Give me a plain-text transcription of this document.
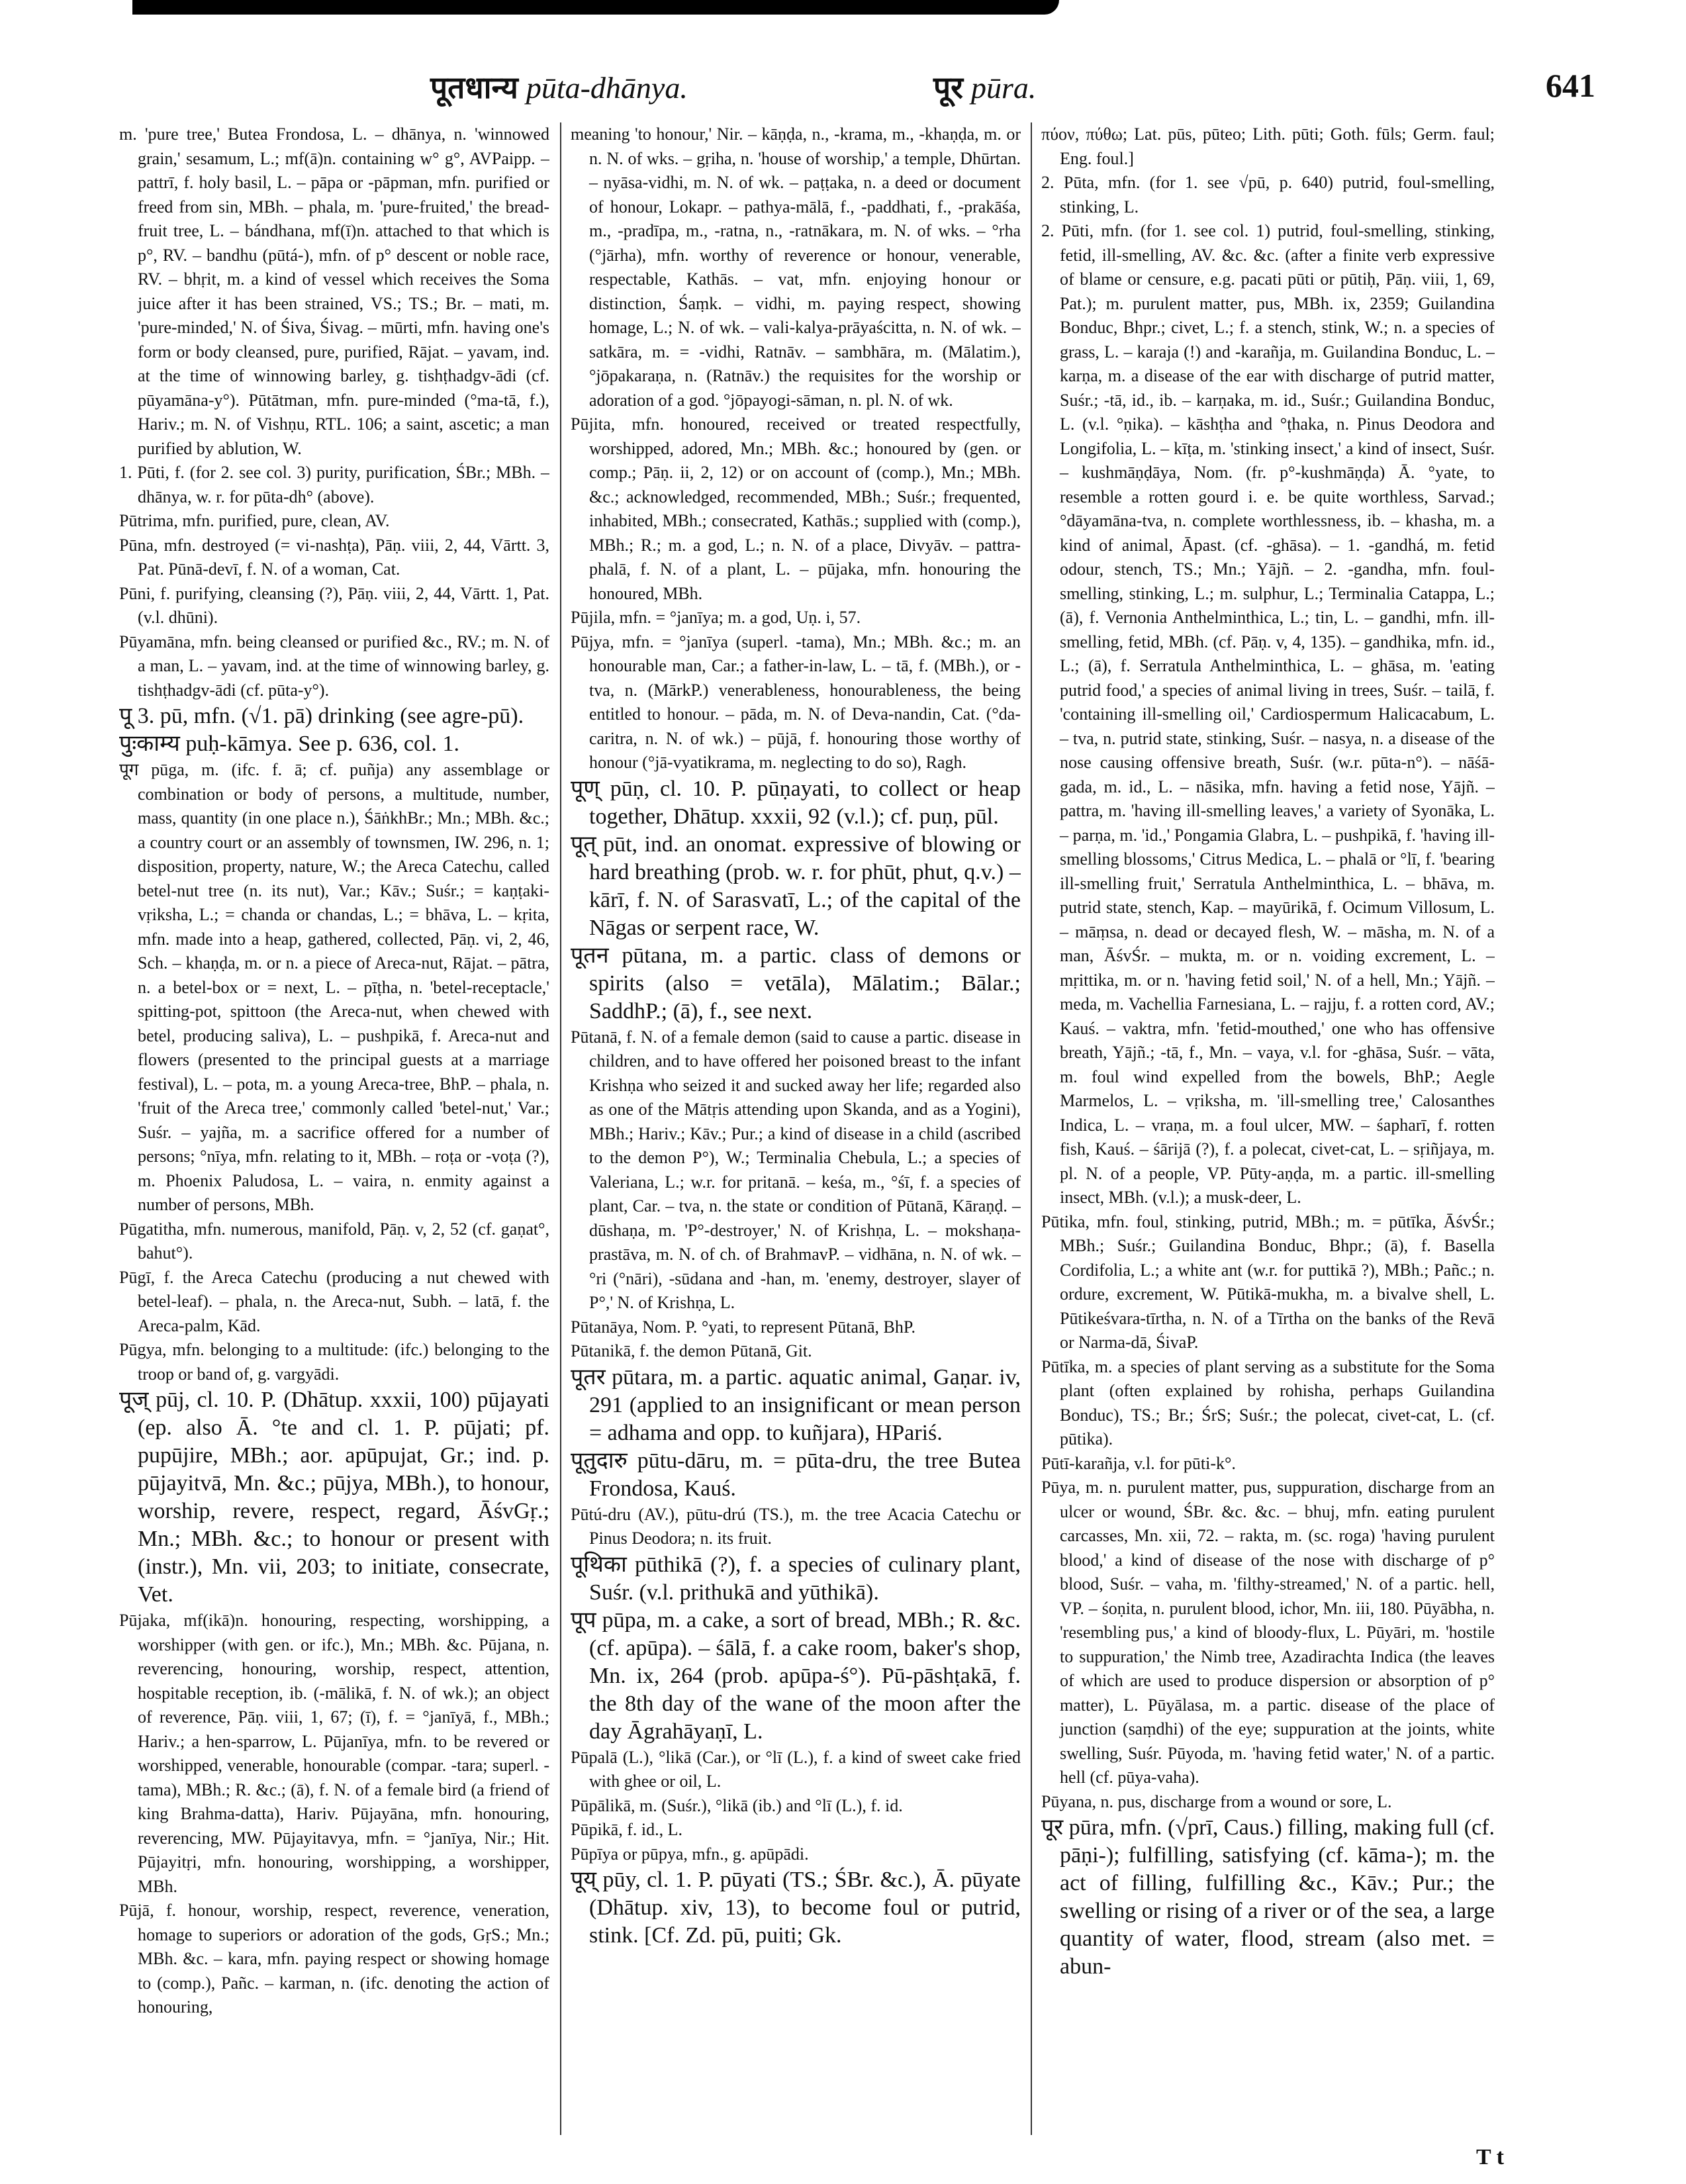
पूतधान्य pūta-dhānya.	पूर pūra.	641

m. 'pure tree,' Butea Frondosa, L. – dhānya, n. 'winnowed grain,' sesamum, L.; mf(ā)n. containing w° g°, AVPaipp. – pattrī, f. holy basil, L. – pāpa or -pāpman, mfn. purified or freed from sin, MBh. – phala, m. 'pure-fruited,' the bread-fruit tree, L. – bándhana, mf(ī)n. attached to that which is p°, RV. – bandhu (pūtá-), mfn. of p° descent or noble race, RV. – bhṛit, m. a kind of vessel which receives the Soma juice after it has been strained, VS.; TS.; Br. – mati, m. 'pure-minded,' N. of Śiva, Śivag. – mūrti, mfn. having one's form or body cleansed, pure, purified, Rājat. – yavam, ind. at the time of winnowing barley, g. tishṭhadgv-ādi (cf. pūyamāna-y°). Pūtātman, mfn. pure-minded (°ma-tā, f.), Hariv.; m. N. of Vishṇu, RTL. 106; a saint, ascetic; a man purified by ablution, W.

1. Pūti, f. (for 2. see col. 3) purity, purification, ŚBr.; MBh. – dhānya, w. r. for pūta-dh° (above).

Pūtrima, mfn. purified, pure, clean, AV.

Pūna, mfn. destroyed (= vi-nashṭa), Pāṇ. viii, 2, 44, Vārtt. 3, Pat. Pūnā-devī, f. N. of a woman, Cat.

Pūni, f. purifying, cleansing (?), Pāṇ. viii, 2, 44, Vārtt. 1, Pat. (v.l. dhūni).

Pūyamāna, mfn. being cleansed or purified &c., RV.; m. N. of a man, L. – yavam, ind. at the time of winnowing barley, g. tishṭhadgv-ādi (cf. pūta-y°).

पू 3. pū, mfn. (√1. pā) drinking (see agre-pū).

पुःकाम्य puḥ-kāmya. See p. 636, col. 1.

पूग pūga, m. (ifc. f. ā; cf. puñja) any assemblage or combination or body of persons, a multitude, number, mass, quantity (in one place n.), ŚāṅkhBr.; Mn.; MBh. &c.; a country court or an assembly of townsmen, IW. 296, n. 1; disposition, property, nature, W.; the Areca Catechu, called betel-nut tree (n. its nut), Var.; Kāv.; Suśr.; = kaṇṭaki-vṛiksha, L.; = chanda or chandas, L.; = bhāva, L. – kṛita, mfn. made into a heap, gathered, collected, Pāṇ. vi, 2, 46, Sch. – khaṇḍa, m. or n. a piece of Areca-nut, Rājat. – pātra, n. a betel-box or = next, L. – pīṭha, n. 'betel-receptacle,' spitting-pot, spittoon (the Areca-nut, when chewed with betel, producing saliva), L. – pushpikā, f. Areca-nut and flowers (presented to the principal guests at a marriage festival), L. – pota, m. a young Areca-tree, BhP. – phala, n. 'fruit of the Areca tree,' commonly called 'betel-nut,' Var.; Suśr. – yajña, m. a sacrifice offered for a number of persons; °nīya, mfn. relating to it, MBh. – roṭa or -voṭa (?), m. Phoenix Paludosa, L. – vaira, n. enmity against a number of persons, MBh.

Pūgatitha, mfn. numerous, manifold, Pāṇ. v, 2, 52 (cf. gaṇat°, bahut°).

Pūgī, f. the Areca Catechu (producing a nut chewed with betel-leaf). – phala, n. the Areca-nut, Subh. – latā, f. the Areca-palm, Kād.

Pūgya, mfn. belonging to a multitude: (ifc.) belonging to the troop or band of, g. vargyādi.

पूज् pūj, cl. 10. P. (Dhātup. xxxii, 100) pūjayati (ep. also Ā. °te and cl. 1. P. pūjati; pf. pupūjire, MBh.; aor. apūpujat, Gr.; ind. p. pūjayitvā, Mn. &c.; pūjya, MBh.), to honour, worship, revere, respect, regard, ĀśvGṛ.; Mn.; MBh. &c.; to honour or present with (instr.), Mn. vii, 203; to initiate, consecrate, Vet.

Pūjaka, mf(ikā)n. honouring, respecting, worshipping, a worshipper (with gen. or ifc.), Mn.; MBh. &c. Pūjana, n. reverencing, honouring, worship, respect, attention, hospitable reception, ib. (-mālikā, f. N. of wk.); an object of reverence, Pāṇ. viii, 1, 67; (ī), f. = °janīyā, f., MBh.; Hariv.; a hen-sparrow, L. Pūjanīya, mfn. to be revered or worshipped, venerable, honourable (compar. -tara; superl. -tama), MBh.; R. &c.; (ā), f. N. of a female bird (a friend of king Brahma-datta), Hariv. Pūjayāna, mfn. honouring, reverencing, MW. Pūjayitavya, mfn. = °janīya, Nir.; Hit. Pūjayitṛi, mfn. honouring, worshipping, a worshipper, MBh.

Pūjā, f. honour, worship, respect, reverence, veneration, homage to superiors or adoration of the gods, GṛS.; Mn.; MBh. &c. – kara, mfn. paying respect or showing homage to (comp.), Pañc. – karman, n. (ifc. denoting the action of honouring,

meaning 'to honour,' Nir. – kāṇḍa, n., -krama, m., -khaṇḍa, m. or n. N. of wks. – gṛiha, n. 'house of worship,' a temple, Dhūrtan. – nyāsa-vidhi, m. N. of wk. – paṭṭaka, n. a deed or document of honour, Lokapr. – pathya-mālā, f., -paddhati, f., -prakāśa, m., -pradīpa, m., -ratna, n., -ratnākara, m. N. of wks. – °rha (°jārha), mfn. worthy of reverence or honour, venerable, respectable, Kathās. – vat, mfn. enjoying honour or distinction, Śaṃk. – vidhi, m. paying respect, showing homage, L.; N. of wk. – vali-kalya-prāyaścitta, n. N. of wk. – satkāra, m. = -vidhi, Ratnāv. – sambhāra, m. (Mālatim.), °jōpakaraṇa, n. (Ratnāv.) the requisites for the worship or adoration of a god. °jōpayogi-sāman, n. pl. N. of wk.

Pūjita, mfn. honoured, received or treated respectfully, worshipped, adored, Mn.; MBh. &c.; honoured by (gen. or comp.; Pāṇ. ii, 2, 12) or on account of (comp.), Mn.; MBh. &c.; acknowledged, recommended, MBh.; Suśr.; frequented, inhabited, MBh.; consecrated, Kathās.; supplied with (comp.), MBh.; R.; m. a god, L.; n. N. of a place, Divyāv. – pattra-phalā, f. N. of a plant, L. – pūjaka, mfn. honouring the honoured, MBh.

Pūjila, mfn. = °janīya; m. a god, Uṇ. i, 57.

Pūjya, mfn. = °janīya (superl. -tama), Mn.; MBh. &c.; m. an honourable man, Car.; a father-in-law, L. – tā, f. (MBh.), or -tva, n. (MārkP.) venerableness, honourableness, the being entitled to honour. – pāda, m. N. of Deva-nandin, Cat. (°da-caritra, n. N. of wk.) – pūjā, f. honouring those worthy of honour (°jā-vyatikrama, m. neglecting to do so), Ragh.

पूण् pūṇ, cl. 10. P. pūṇayati, to collect or heap together, Dhātup. xxxii, 92 (v.l.); cf. puṇ, pūl.

पूत् pūt, ind. an onomat. expressive of blowing or hard breathing (prob. w. r. for phūt, phut, q.v.) – kārī, f. N. of Sarasvatī, L.; of the capital of the Nāgas or serpent race, W.

पूतन pūtana, m. a partic. class of demons or spirits (also = vetāla), Mālatim.; Bālar.; SaddhP.; (ā), f., see next.

Pūtanā, f. N. of a female demon (said to cause a partic. disease in children, and to have offered her poisoned breast to the infant Krishṇa who seized it and sucked away her life; regarded also as one of the Mātṛis attending upon Skanda, and as a Yogini), MBh.; Hariv.; Kāv.; Pur.; a kind of disease in a child (ascribed to the demon P°), W.; Terminalia Chebula, L.; a species of Valeriana, L.; w.r. for pritanā. – keśa, m., °śī, f. a species of plant, Car. – tva, n. the state or condition of Pūtanā, Kāraṇḍ. – dūshaṇa, m. 'P°-destroyer,' N. of Krishṇa, L. – mokshaṇa-prastāva, m. N. of ch. of BrahmavP. – vidhāna, n. N. of wk. – °ri (°nāri), -sūdana and -han, m. 'enemy, destroyer, slayer of P°,' N. of Krishṇa, L.

Pūtanāya, Nom. P. °yati, to represent Pūtanā, BhP.

Pūtanikā, f. the demon Pūtanā, Git.

पूतर pūtara, m. a partic. aquatic animal, Gaṇar. iv, 291 (applied to an insignificant or mean person = adhama and opp. to kuñjara), HPariś.

पूतुदारु pūtu-dāru, m. = pūta-dru, the tree Butea Frondosa, Kauś.

Pūtú-dru (AV.), pūtu-drú (TS.), m. the tree Acacia Catechu or Pinus Deodora; n. its fruit.

पूथिका pūthikā (?), f. a species of culinary plant, Suśr. (v.l. prithukā and yūthikā).

पूप pūpa, m. a cake, a sort of bread, MBh.; R. &c. (cf. apūpa). – śālā, f. a cake room, baker's shop, Mn. ix, 264 (prob. apūpa-ś°). Pū-pāshṭakā, f. the 8th day of the wane of the moon after the day Āgrahāyaṇī, L.

Pūpalā (L.), °likā (Car.), or °lī (L.), f. a kind of sweet cake fried with ghee or oil, L.

Pūpālikā, m. (Suśr.), °likā (ib.) and °lī (L.), f. id.

Pūpikā, f. id., L.

Pūpīya or pūpya, mfn., g. apūpādi.

पूय् pūy, cl. 1. P. pūyati (TS.; ŚBr. &c.), Ā. pūyate (Dhātup. xiv, 13), to become foul or putrid, stink. [Cf. Zd. pū, puiti; Gk.

πύον, πύθω; Lat. pūs, pūteo; Lith. pūti; Goth. fūls; Germ. faul; Eng. foul.]

2. Pūta, mfn. (for 1. see √pū, p. 640) putrid, foul-smelling, stinking, L.

2. Pūti, mfn. (for 1. see col. 1) putrid, foul-smelling, stinking, fetid, ill-smelling, AV. &c. &c. (after a finite verb expressive of blame or censure, e.g. pacati pūti or pūtiḥ, Pāṇ. viii, 1, 69, Pat.); m. purulent matter, pus, MBh. ix, 2359; Guilandina Bonduc, Bhpr.; civet, L.; f. a stench, stink, W.; n. a species of grass, L. – karaja (!) and -karañja, m. Guilandina Bonduc, L. – karṇa, m. a disease of the ear with discharge of putrid matter, Suśr.; -tā, id., ib. – karṇaka, m. id., Suśr.; Guilandina Bonduc, L. (v.l. °ṇika). – kāshṭha and °ṭhaka, n. Pinus Deodora and Longifolia, L. – kīṭa, m. 'stinking insect,' a kind of insect, Suśr. – kushmāṇḍāya, Nom. (fr. p°-kushmāṇḍa) Ā. °yate, to resemble a rotten gourd i. e. be quite worthless, Sarvad.; °dāyamāna-tva, n. complete worthlessness, ib. – khasha, m. a kind of animal, Āpast. (cf. -ghāsa). – 1. -gandhá, m. fetid odour, stench, TS.; Mn.; Yājñ. – 2. -gandha, mfn. foul-smelling, stinking, L.; m. sulphur, L.; Terminalia Catappa, L.; (ā), f. Vernonia Anthelminthica, L.; tin, L. – gandhi, mfn. ill-smelling, fetid, MBh. (cf. Pāṇ. v, 4, 135). – gandhika, mfn. id., L.; (ā), f. Serratula Anthelminthica, L. – ghāsa, m. 'eating putrid food,' a species of animal living in trees, Suśr. – tailā, f. 'containing ill-smelling oil,' Cardiospermum Halicacabum, L. – tva, n. putrid state, stinking, Suśr. – nasya, n. a disease of the nose causing offensive breath, Suśr. (w.r. pūta-n°). – nāśā-gada, m. id., L. – nāsika, mfn. having a fetid nose, Yājñ. – pattra, m. 'having ill-smelling leaves,' a variety of Syonāka, L. – parṇa, m. 'id.,' Pongamia Glabra, L. – pushpikā, f. 'having ill-smelling blossoms,' Citrus Medica, L. – phalā or °lī, f. 'bearing ill-smelling fruit,' Serratula Anthelminthica, L. – bhāva, m. putrid state, stench, Kap. – mayūrikā, f. Ocimum Villosum, L. – māṃsa, n. dead or decayed flesh, W. – māsha, m. N. of a man, ĀśvŚr. – mukta, m. or n. voiding excrement, L. – mṛittika, m. or n. 'having fetid soil,' N. of a hell, Mn.; Yājñ. – meda, m. Vachellia Farnesiana, L. – rajju, f. a rotten cord, AV.; Kauś. – vaktra, mfn. 'fetid-mouthed,' one who has offensive breath, Yājñ.; -tā, f., Mn. – vaya, v.l. for -ghāsa, Suśr. – vāta, m. foul wind expelled from the bowels, BhP.; Aegle Marmelos, L. – vṛiksha, m. 'ill-smelling tree,' Calosanthes Indica, L. – vraṇa, m. a foul ulcer, MW. – śapharī, f. rotten fish, Kauś. – śārijā (?), f. a polecat, civet-cat, L. – sṛiñjaya, m. pl. N. of a people, VP. Pūty-aṇḍa, m. a partic. ill-smelling insect, MBh. (v.l.); a musk-deer, L.

Pūtika, mfn. foul, stinking, putrid, MBh.; m. = pūtīka, ĀśvŚr.; MBh.; Suśr.; Guilandina Bonduc, Bhpr.; (ā), f. Basella Cordifolia, L.; a white ant (w.r. for puttikā ?), MBh.; Pañc.; n. ordure, excrement, W. Pūtikā-mukha, m. a bivalve shell, L. Pūtikeśvara-tīrtha, n. N. of a Tīrtha on the banks of the Revā or Narma-dā, ŚivaP.

Pūtīka, m. a species of plant serving as a substitute for the Soma plant (often explained by rohisha, perhaps Guilandina Bonduc), TS.; Br.; ŚrS; Suśr.; the polecat, civet-cat, L. (cf. pūtika).

Pūtī-karañja, v.l. for pūti-k°.

Pūya, m. n. purulent matter, pus, suppuration, discharge from an ulcer or wound, ŚBr. &c. &c. – bhuj, mfn. eating purulent carcasses, Mn. xii, 72. – rakta, m. (sc. roga) 'having purulent blood,' a kind of disease of the nose with discharge of p° blood, Suśr. – vaha, m. 'filthy-streamed,' N. of a partic. hell, VP. – śoṇita, n. purulent blood, ichor, Mn. iii, 180. Pūyābha, n. 'resembling pus,' a kind of bloody-flux, L. Pūyāri, m. 'hostile to suppuration,' the Nimb tree, Azadirachta Indica (the leaves of which are used to produce dispersion or absorption of p° matter), L. Pūyālasa, m. a partic. disease of the place of junction (saṃdhi) of the eye; suppuration at the joints, white swelling, Suśr. Pūyoda, m. 'having fetid water,' N. of a partic. hell (cf. pūya-vaha).

Pūyana, n. pus, discharge from a wound or sore, L.

पूर pūra, mfn. (√prī, Caus.) filling, making full (cf. pāṇi-); fulfilling, satisfying (cf. kāma-); m. the act of filling, fulfilling &c., Kāv.; Pur.; the swelling or rising of a river or of the sea, a large quantity of water, flood, stream (also met. = abun-

T t
